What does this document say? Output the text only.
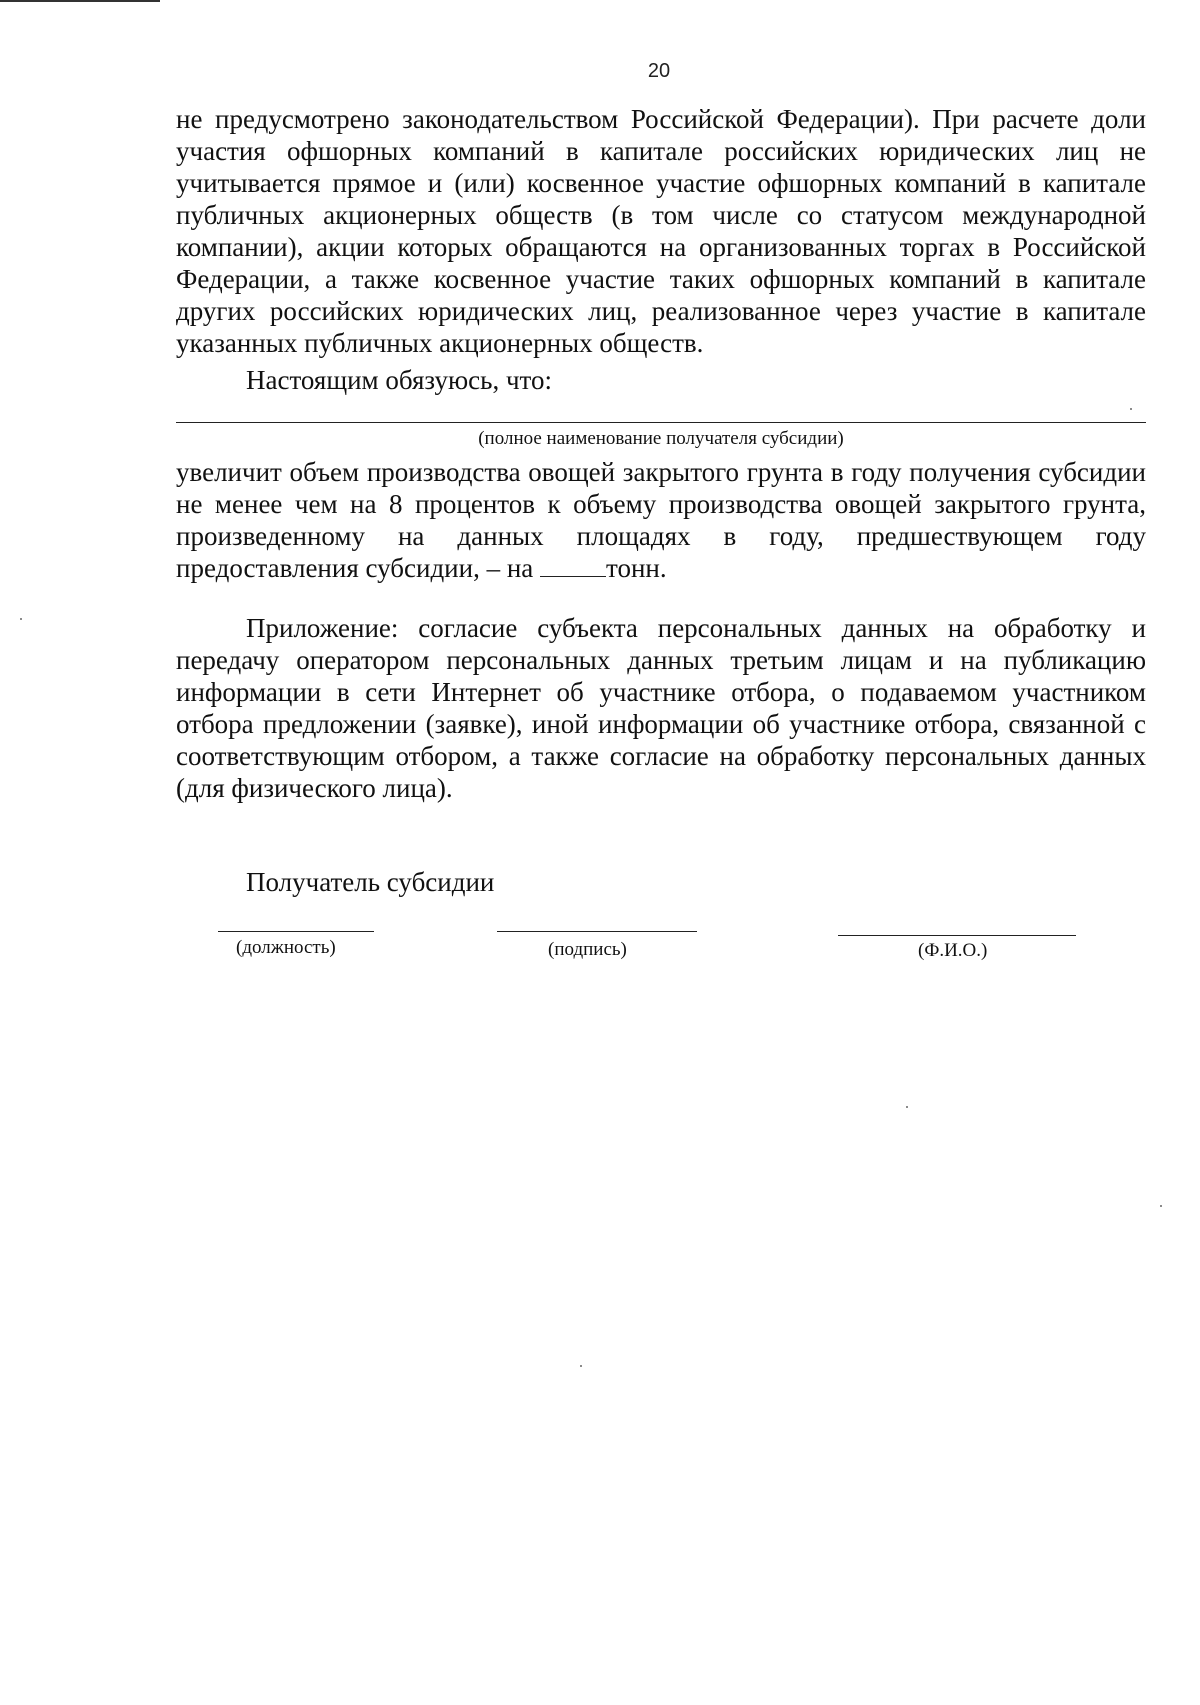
20

не предусмотрено законодательством Российской Федерации). При расчете доли участия офшорных компаний в капитале российских юридических лиц не учитывается прямое и (или) косвенное участие офшорных компаний в капитале публичных акционерных обществ (в том числе со статусом международной компании), акции которых обращаются на организованных торгах в Российской Федерации, а также косвенное участие таких офшорных компаний в капитале других российских юридических лиц, реализованное через участие в капитале указанных публичных акционерных обществ.

Настоящим обязуюсь, что:

(полное наименование получателя субсидии)

увеличит объем производства овощей закрытого грунта в году получения субсидии не менее чем на 8 процентов к объему производства овощей закрытого грунта, произведенному на данных площадях в году, предшествующем году предоставления субсидии, – на тонн.

Приложение: согласие субъекта персональных данных на обработку и передачу оператором персональных данных третьим лицам и на публикацию информации в сети Интернет об участнике отбора, о подаваемом участником отбора предложении (заявке), иной информации об участнике отбора, связанной с соответствующим отбором, а также согласие на обработку персональных данных (для физического лица).

Получатель субсидии

(должность)	(подпись)	(Ф.И.О.)
